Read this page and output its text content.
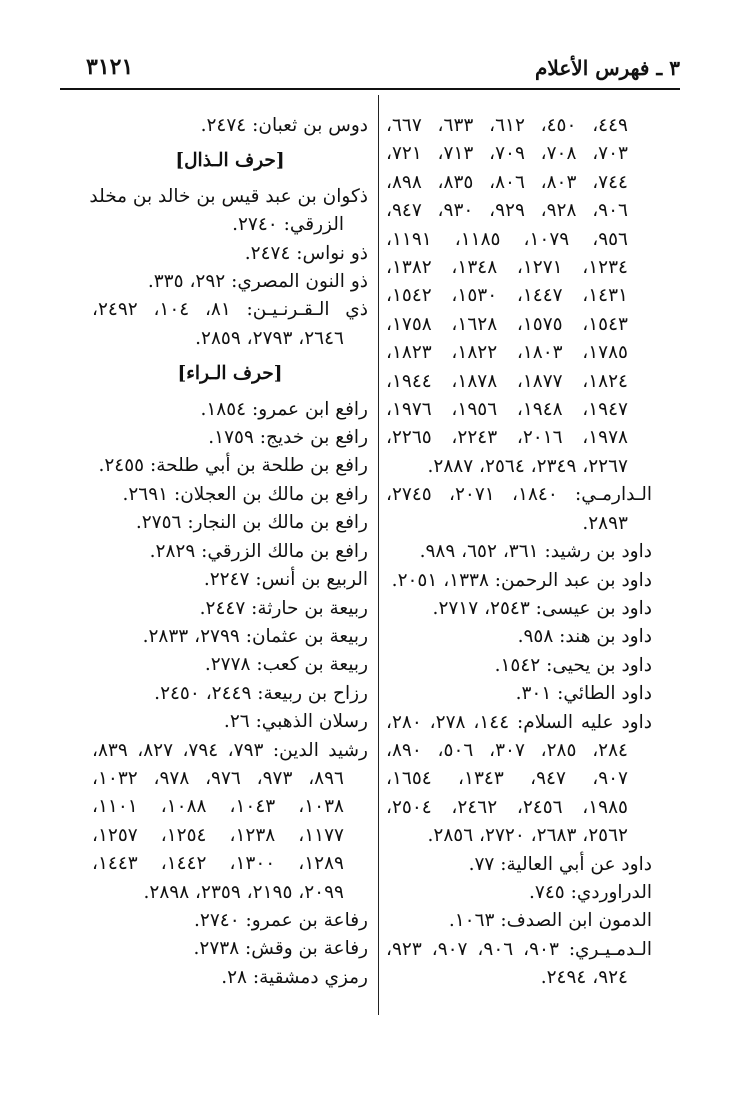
٣١٢١	٣ ـ فهرس الأعلام
٤٤٩، ٤٥٠، ٦١٢، ٦٣٣، ٦٦٧،
٧٠٣، ٧٠٨، ٧٠٩، ٧١٣، ٧٢١،
٧٤٤، ٨٠٣، ٨٠٦، ٨٣٥، ٨٩٨،
٩٠٦، ٩٢٨، ٩٢٩، ٩٣٠، ٩٤٧،
٩٥٦، ١٠٧٩، ١١٨٥، ١١٩١،
١٢٣٤، ١٢٧١، ١٣٤٨، ١٣٨٢،
١٤٣١، ١٤٤٧، ١٥٣٠، ١٥٤٢،
١٥٤٣، ١٥٧٥، ١٦٢٨، ١٧٥٨،
١٧٨٥، ١٨٠٣، ١٨٢٢، ١٨٢٣،
١٨٢٤، ١٨٧٧، ١٨٧٨، ١٩٤٤،
١٩٤٧، ١٩٤٨، ١٩٥٦، ١٩٧٦،
١٩٧٨، ٢٠١٦، ٢٢٤٣، ٢٢٦٥،
٢٢٦٧، ٢٣٤٩، ٢٥٦٤، ٢٨٨٧.
الـدارمـي: ١٨٤٠، ٢٠٧١، ٢٧٤٥،
٢٨٩٣.
داود بن رشيد: ٣٦١، ٦٥٢، ٩٨٩.
داود بن عبد الرحمن: ١٣٣٨، ٢٠٥١.
داود بن عيسى: ٢٥٤٣، ٢٧١٧.
داود بن هند: ٩٥٨.
داود بن يحيى: ١٥٤٢.
داود الطائي: ٣٠١.
داود عليه السلام: ١٤٤، ٢٧٨، ٢٨٠،
٢٨٤، ٢٨٥، ٣٠٧، ٥٠٦، ٨٩٠،
٩٠٧، ٩٤٧، ١٣٤٣، ١٦٥٤،
١٩٨٥، ٢٤٥٦، ٢٤٦٢، ٢٥٠٤،
٢٥٦٢، ٢٦٨٣، ٢٧٢٠، ٢٨٥٦.
داود عن أبي العالية: ٧٧.
الدراوردي: ٧٤٥.
الدمون ابن الصدف: ١٠٦٣.
الـدمـيـري: ٩٠٣، ٩٠٦، ٩٠٧، ٩٢٣،
٩٢٤، ٢٤٩٤.
دوس بن ثعبان: ٢٤٧٤.
[حرف الـذال]
ذكوان بن عبد قيس بن خالد بن مخلد
الزرقي: ٢٧٤٠.
ذو نواس: ٢٤٧٤.
ذو النون المصري: ٢٩٢، ٣٣٥.
ذي الـقـرنـيـن: ٨١، ١٠٤، ٢٤٩٢،
٢٦٤٦، ٢٧٩٣، ٢٨٥٩.
[حرف الـراء]
رافع ابن عمرو: ١٨٥٤.
رافع بن خديج: ١٧٥٩.
رافع بن طلحة بن أبي طلحة: ٢٤٥٥.
رافع بن مالك بن العجلان: ٢٦٩١.
رافع بن مالك بن النجار: ٢٧٥٦.
رافع بن مالك الزرقي: ٢٨٢٩.
الربيع بن أنس: ٢٢٤٧.
ربيعة بن حارثة: ٢٤٤٧.
ربيعة بن عثمان: ٢٧٩٩، ٢٨٣٣.
ربيعة بن كعب: ٢٧٧٨.
رزاح بن ربيعة: ٢٤٤٩، ٢٤٥٠.
رسلان الذهبي: ٢٦.
رشيد الدين: ٧٩٣، ٧٩٤، ٨٢٧، ٨٣٩،
٨٩٦، ٩٧٣، ٩٧٦، ٩٧٨، ١٠٣٢،
١٠٣٨، ١٠٤٣، ١٠٨٨، ١١٠١،
١١٧٧، ١٢٣٨، ١٢٥٤، ١٢٥٧،
١٢٨٩، ١٣٠٠، ١٤٤٢، ١٤٤٣،
٢٠٩٩، ٢١٩٥، ٢٣٥٩، ٢٨٩٨.
رفاعة بن عمرو: ٢٧٤٠.
رفاعة بن وقش: ٢٧٣٨.
رمزي دمشقية: ٢٨.
